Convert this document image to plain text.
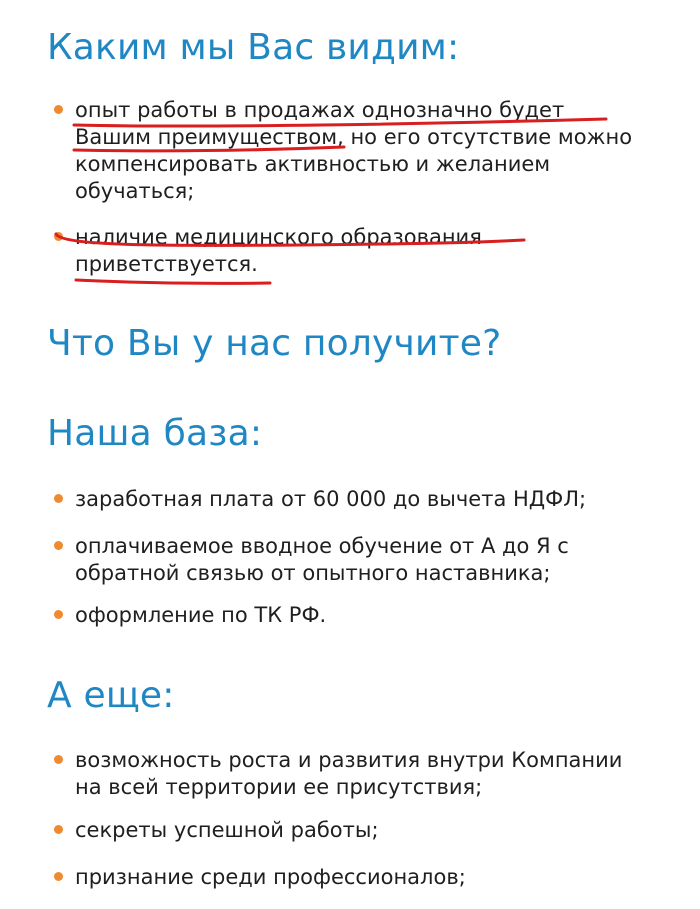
Каким мы Вас видим:
опыт работы в продажах однозначно будет
Вашим преимуществом, но его отсутствие можно
компенсировать активностью и желанием
обучаться;
наличие медицинского образования
приветствуется.
Что Вы у нас получите?
Наша база:
заработная плата от 60 000 до вычета НДФЛ;
оплачиваемое вводное обучение от А до Я с
обратной связью от опытного наставника;
оформление по ТК РФ.
А еще:
возможность роста и развития внутри Компании
на всей территории ее присутствия;
секреты успешной работы;
признание среди профессионалов;
